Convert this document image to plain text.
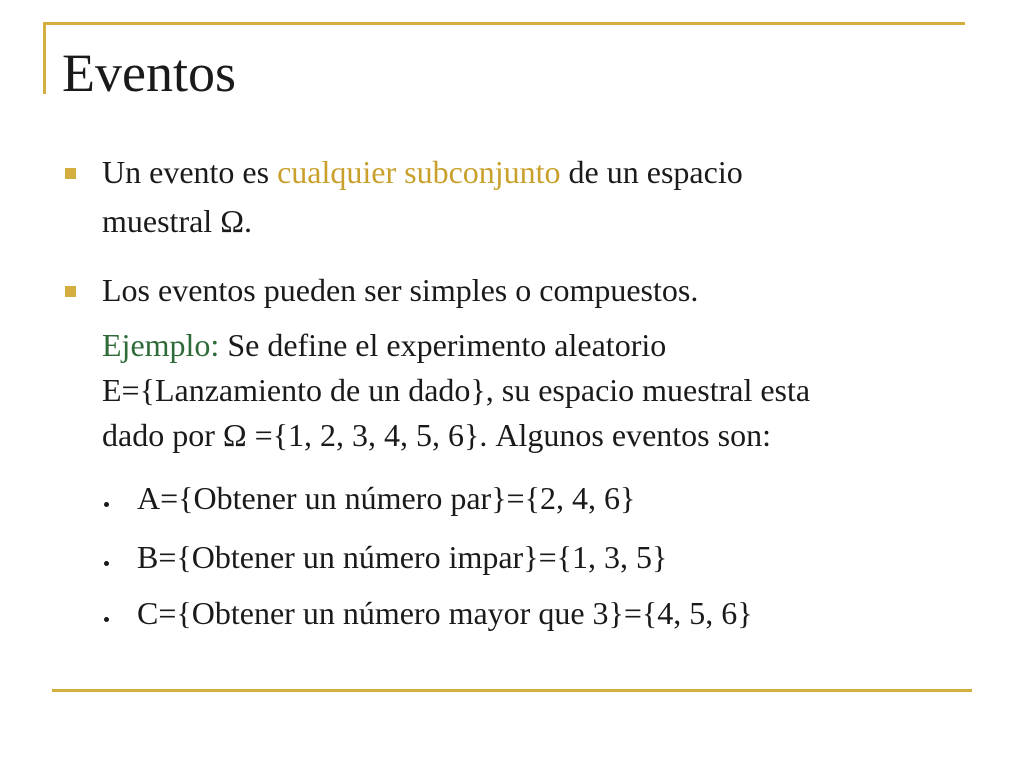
Eventos

Un evento es cualquier subconjunto de un espacio
muestral Ω.

Los eventos pueden ser simples o compuestos.

Ejemplo: Se define el experimento aleatorio
E={Lanzamiento de un dado}, su espacio muestral esta
dado por Ω ={1, 2, 3, 4, 5, 6}. Algunos eventos son:

A={Obtener un número par}={2, 4, 6}

B={Obtener un número impar}={1, 3, 5}

C={Obtener un número mayor que 3}={4, 5, 6}
